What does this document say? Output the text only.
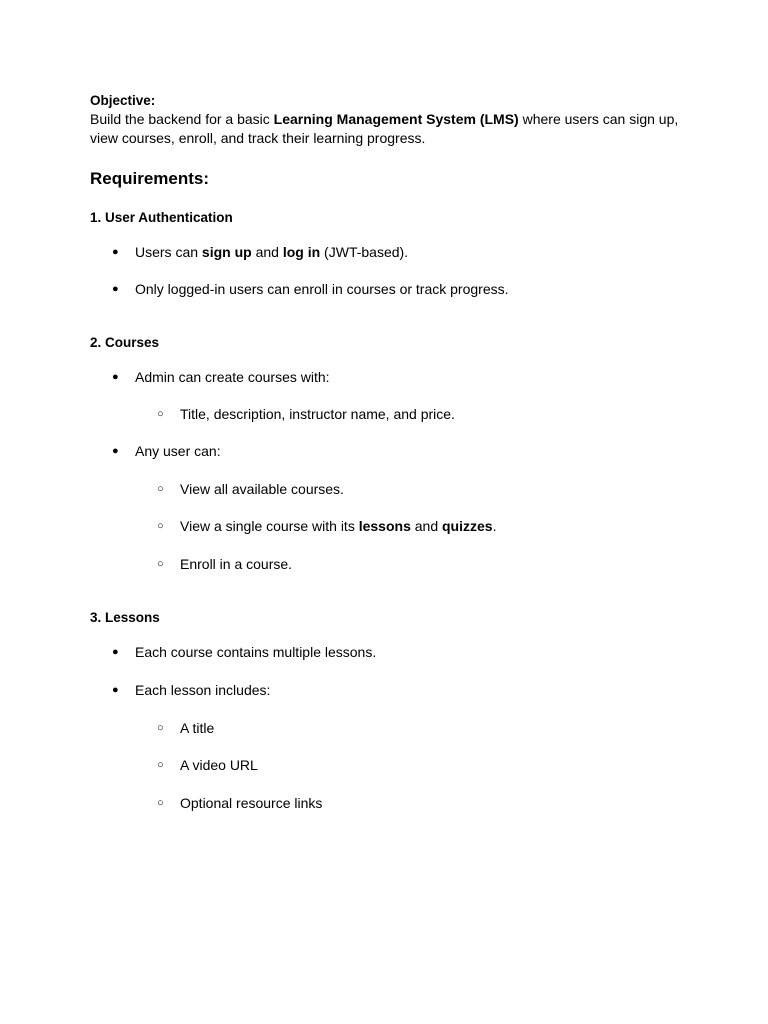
Objective:

Build the backend for a basic Learning Management System (LMS) where users can sign up, view courses, enroll, and track their learning progress.

Requirements:

1. User Authentication

● Users can sign up and log in (JWT-based).
● Only logged-in users can enroll in courses or track progress.

2. Courses

● Admin can create courses with:
○ Title, description, instructor name, and price.
● Any user can:
○ View all available courses.
○ View a single course with its lessons and quizzes.
○ Enroll in a course.

3. Lessons

● Each course contains multiple lessons.
● Each lesson includes:
○ A title
○ A video URL
○ Optional resource links
